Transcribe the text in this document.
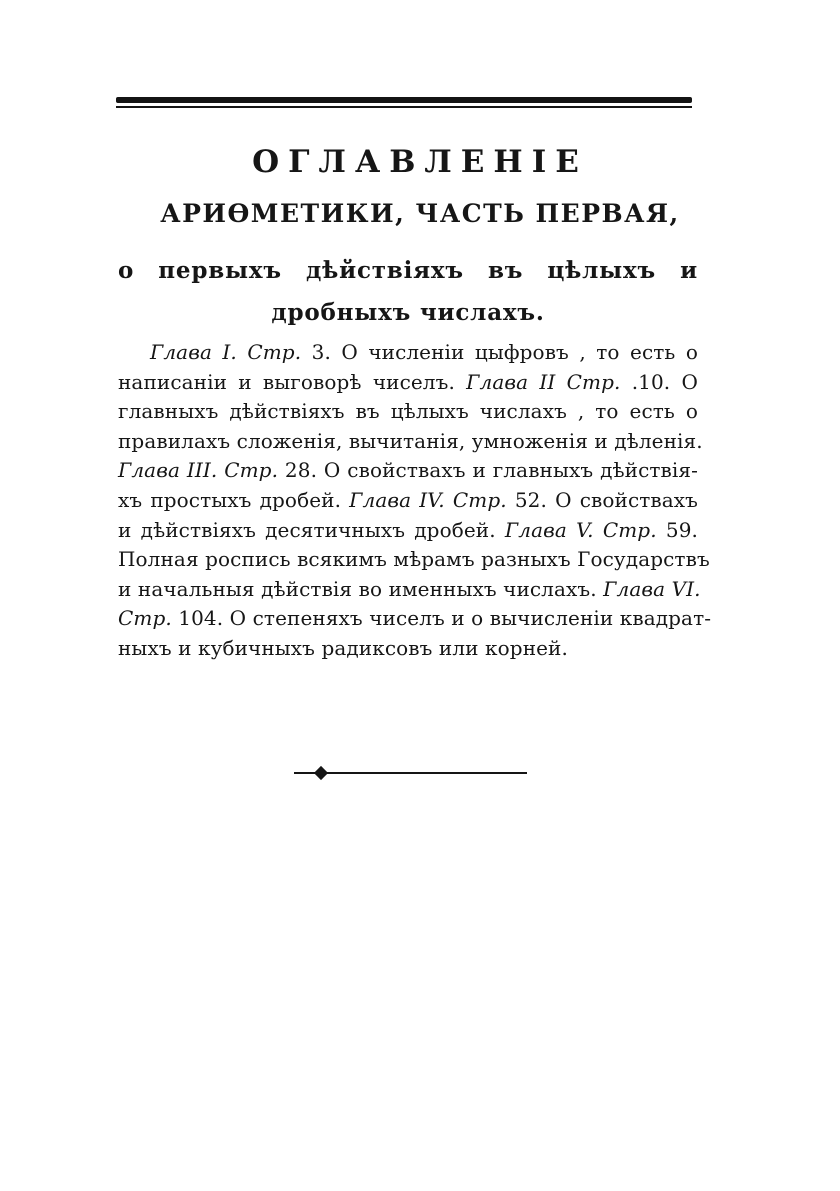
ОГЛАВЛЕНІЕ
АРИѲМЕТИКИ, ЧАСТЬ ПЕРВАЯ,
о первыхъ дѣйствіяхъ въ цѣлыхъ и дробныхъ числахъ.
Глава I. Стр. 3. О численіи цыфровъ , то есть о
написаніи и выговорѣ чиселъ. Глава II Стр. .10. О
главныхъ дѣйствіяхъ въ цѣлыхъ числахъ , то есть о
правилахъ сложенія, вычитанія, умноженія и дѣленія.
Глава III. Стр. 28. О свойствахъ и главныхъ дѣйствія-
хъ простыхъ дробей. Глава IV. Стр. 52. О свойствахъ
и дѣйствіяхъ десятичныхъ дробей. Глава V. Стр. 59.
Полная роспись всякимъ мѣрамъ разныхъ Государствъ
и начальныя дѣйствія во именныхъ числахъ. Глава VI.
Стр. 104. О степеняхъ чиселъ и о вычисленіи квадрат-
ныхъ и кубичныхъ радиксовъ или корней.
